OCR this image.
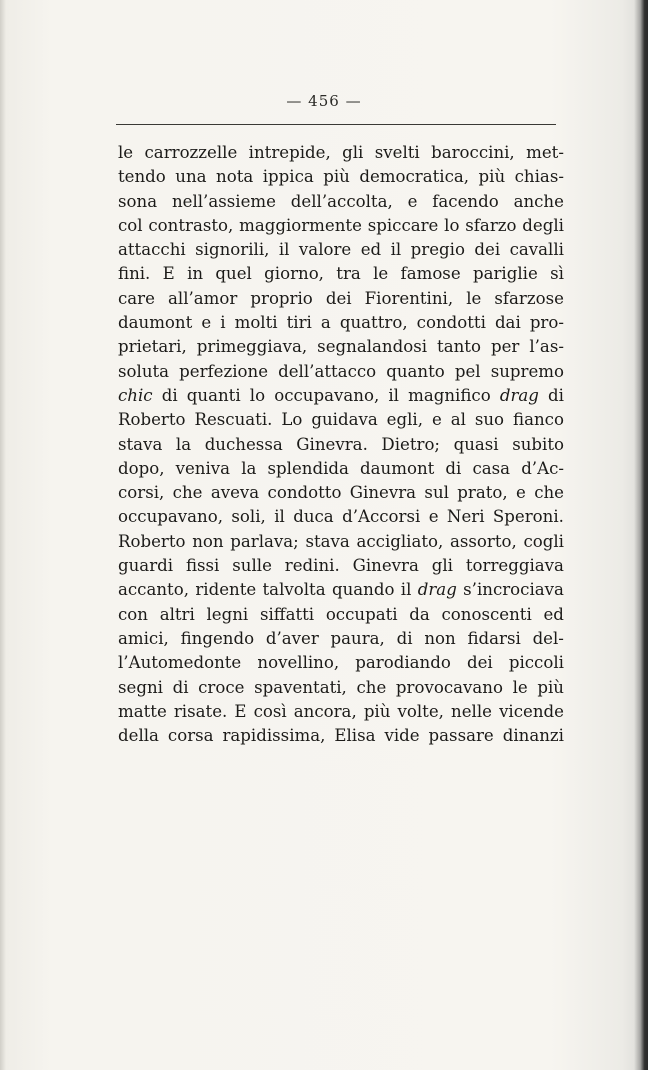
— 456 —
le carrozzelle intrepide, gli svelti baroccini, met-
tendo una nota ippica più democratica, più chias-
sona nell’assieme dell’accolta, e facendo anche
col contrasto, maggiormente spiccare lo sfarzo degli
attacchi signorili, il valore ed il pregio dei cavalli
fini. E in quel giorno, tra le famose pariglie sì
care all’amor proprio dei Fiorentini, le sfarzose
daumont e i molti tiri a quattro, condotti dai pro-
prietari, primeggiava, segnalandosi tanto per l’as-
soluta perfezione dell’attacco quanto pel supremo
chic di quanti lo occupavano, il magnifico drag di
Roberto Rescuati. Lo guidava egli, e al suo fianco
stava la duchessa Ginevra. Dietro; quasi subito
dopo, veniva la splendida daumont di casa d’Ac-
corsi, che aveva condotto Ginevra sul prato, e che
occupavano, soli, il duca d’Accorsi e Neri Speroni.
Roberto non parlava; stava accigliato, assorto, cogli
guardi fissi sulle redini. Ginevra gli torreggiava
accanto, ridente talvolta quando il drag s’incrociava
con altri legni siffatti occupati da conoscenti ed
amici, fingendo d’aver paura, di non fidarsi del-
l’Automedonte novellino, parodiando dei piccoli
segni di croce spaventati, che provocavano le più
matte risate. E così ancora, più volte, nelle vicende
della corsa rapidissima, Elisa vide passare dinanzi
